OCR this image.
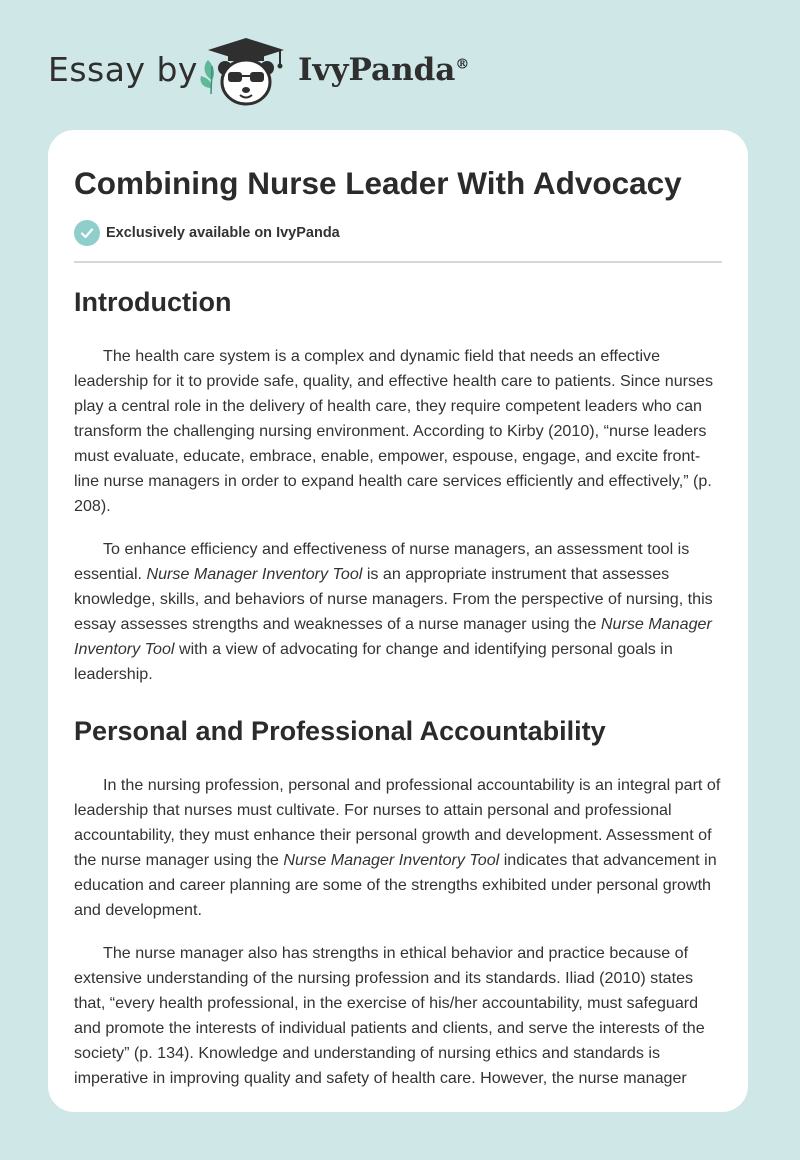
Essay by	IvyPanda®
Combining Nurse Leader With Advocacy
Exclusively available on IvyPanda
Introduction

The health care system is a complex and dynamic field that needs an effective leadership for it to provide safe, quality, and effective health care to patients. Since nurses play a central role in the delivery of health care, they require competent leaders who can transform the challenging nursing environment. According to Kirby (2010), “nurse leaders must evaluate, educate, embrace, enable, empower, espouse, engage, and excite front-line nurse managers in order to expand health care services efficiently and effectively,” (p. 208).

To enhance efficiency and effectiveness of nurse managers, an assessment tool is essential. Nurse Manager Inventory Tool is an appropriate instrument that assesses knowledge, skills, and behaviors of nurse managers. From the perspective of nursing, this essay assesses strengths and weaknesses of a nurse manager using the Nurse Manager Inventory Tool with a view of advocating for change and identifying personal goals in leadership.

Personal and Professional Accountability

In the nursing profession, personal and professional accountability is an integral part of leadership that nurses must cultivate. For nurses to attain personal and professional accountability, they must enhance their personal growth and development. Assessment of the nurse manager using the Nurse Manager Inventory Tool indicates that advancement in education and career planning are some of the strengths exhibited under personal growth and development.

The nurse manager also has strengths in ethical behavior and practice because of extensive understanding of the nursing profession and its standards. Iliad (2010) states that, “every health professional, in the exercise of his/her accountability, must safeguard and promote the interests of individual patients and clients, and serve the interests of the society” (p. 134). Knowledge and understanding of nursing ethics and standards is imperative in improving quality and safety of health care. However, the nurse manager
